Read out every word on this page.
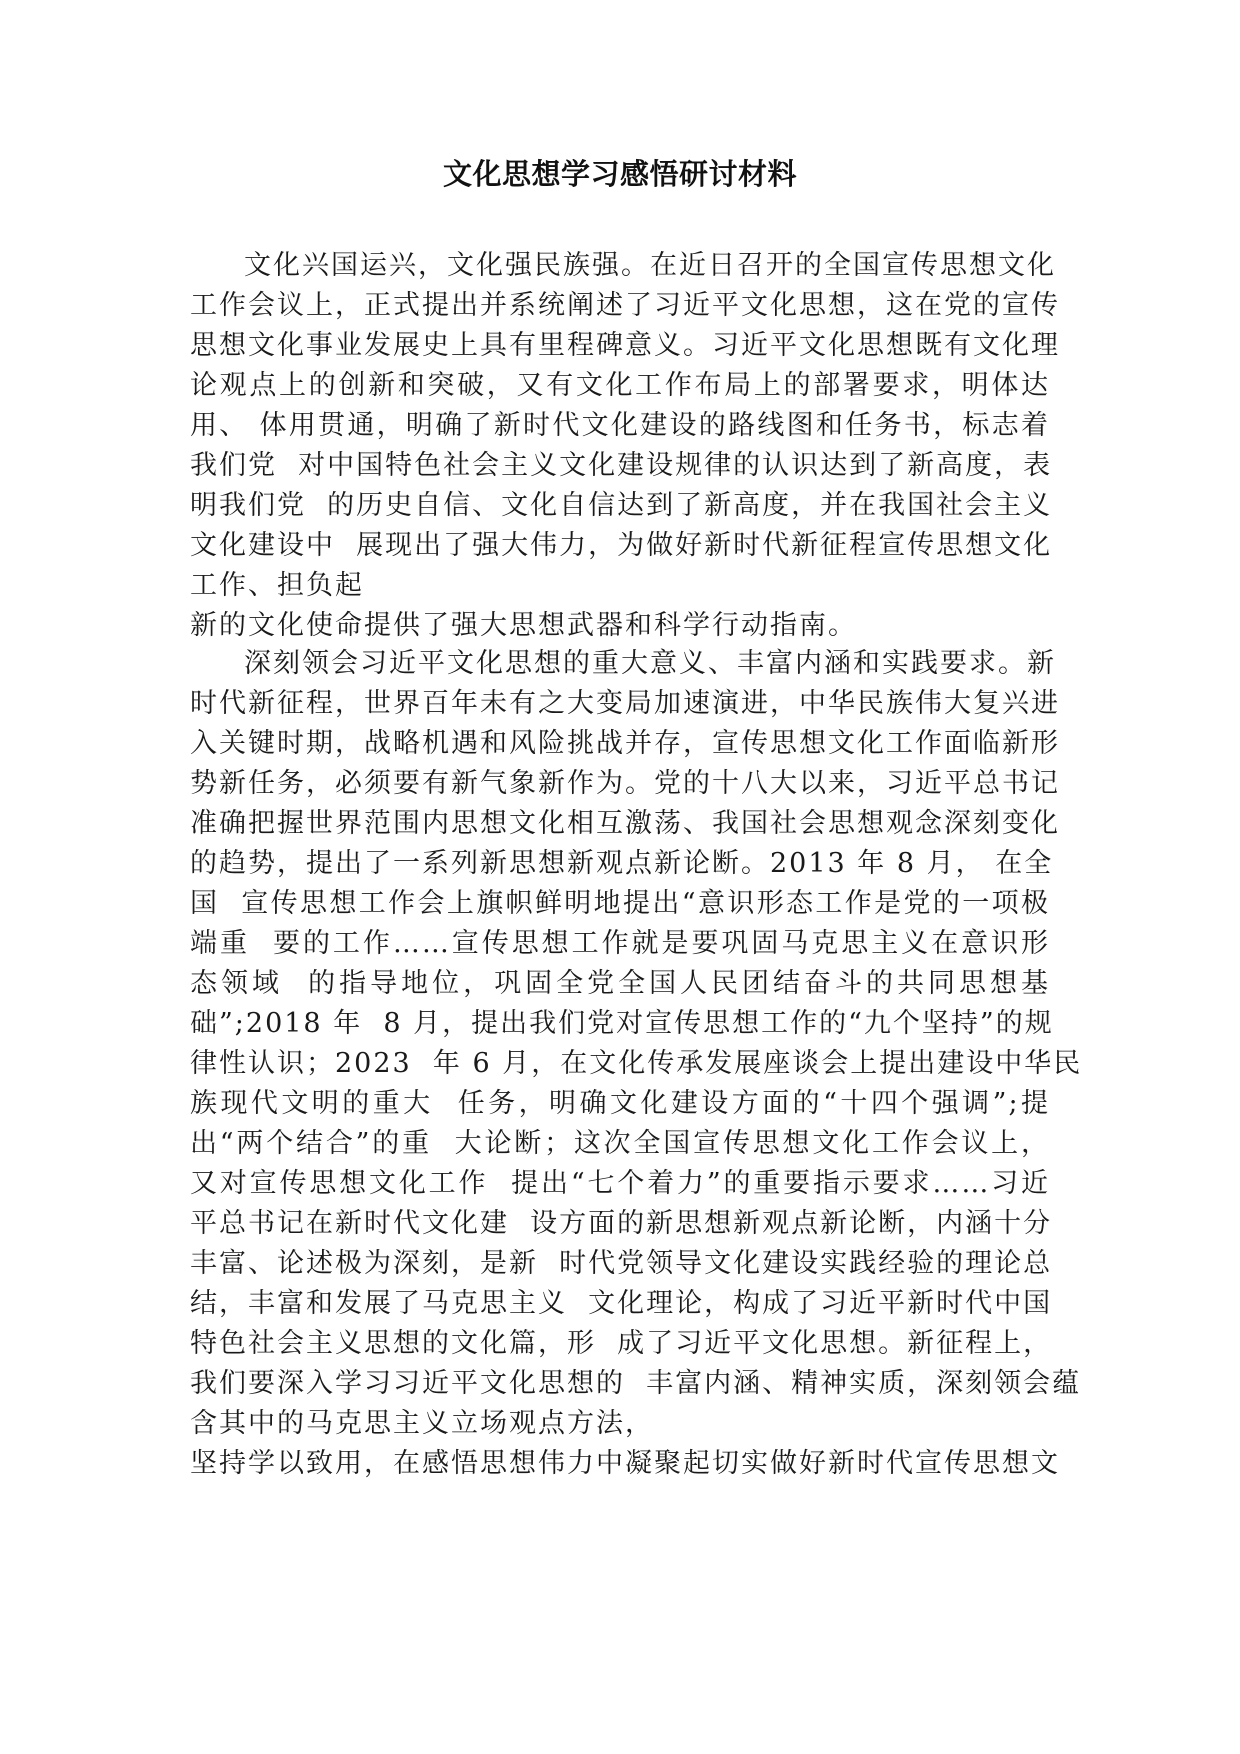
文化思想学习感悟研讨材料
文化兴国运兴，文化强民族强。在近日召开的全国宣传思想文化
工作会议上，正式提出并系统阐述了习近平文化思想，这在党的宣传
思想文化事业发展史上具有里程碑意义。习近平文化思想既有文化理
论观点上的创新和突破，又有文化工作布局上的部署要求，明体达
用、 体用贯通，明确了新时代文化建设的路线图和任务书，标志着
我们党  对中国特色社会主义文化建设规律的认识达到了新高度，表
明我们党  的历史自信、文化自信达到了新高度，并在我国社会主义
文化建设中  展现出了强大伟力，为做好新时代新征程宣传思想文化
工作、担负起
新的文化使命提供了强大思想武器和科学行动指南。
深刻领会习近平文化思想的重大意义、丰富内涵和实践要求。新
时代新征程，世界百年未有之大变局加速演进，中华民族伟大复兴进
入关键时期，战略机遇和风险挑战并存，宣传思想文化工作面临新形
势新任务，必须要有新气象新作为。党的十八大以来，习近平总书记
准确把握世界范围内思想文化相互激荡、我国社会思想观念深刻变化
的趋势，提出了一系列新思想新观点新论断。2013 年 8 月， 在全
国  宣传思想工作会上旗帜鲜明地提出“意识形态工作是党的一项极
端重  要的工作……宣传思想工作就是要巩固马克思主义在意识形
态领域  的指导地位，巩固全党全国人民团结奋斗的共同思想基
础”;2018 年  8 月，提出我们党对宣传思想工作的“九个坚持”的规
律性认识；2023  年 6 月，在文化传承发展座谈会上提出建设中华民
族现代文明的重大  任务，明确文化建设方面的“十四个强调”;提
出“两个结合”的重  大论断；这次全国宣传思想文化工作会议上，
又对宣传思想文化工作  提出“七个着力”的重要指示要求……习近
平总书记在新时代文化建  设方面的新思想新观点新论断，内涵十分
丰富、论述极为深刻，是新  时代党领导文化建设实践经验的理论总
结，丰富和发展了马克思主义  文化理论，构成了习近平新时代中国
特色社会主义思想的文化篇，形  成了习近平文化思想。新征程上，
我们要深入学习习近平文化思想的  丰富内涵、精神实质，深刻领会蕴
含其中的马克思主义立场观点方法，
坚持学以致用，在感悟思想伟力中凝聚起切实做好新时代宣传思想文
